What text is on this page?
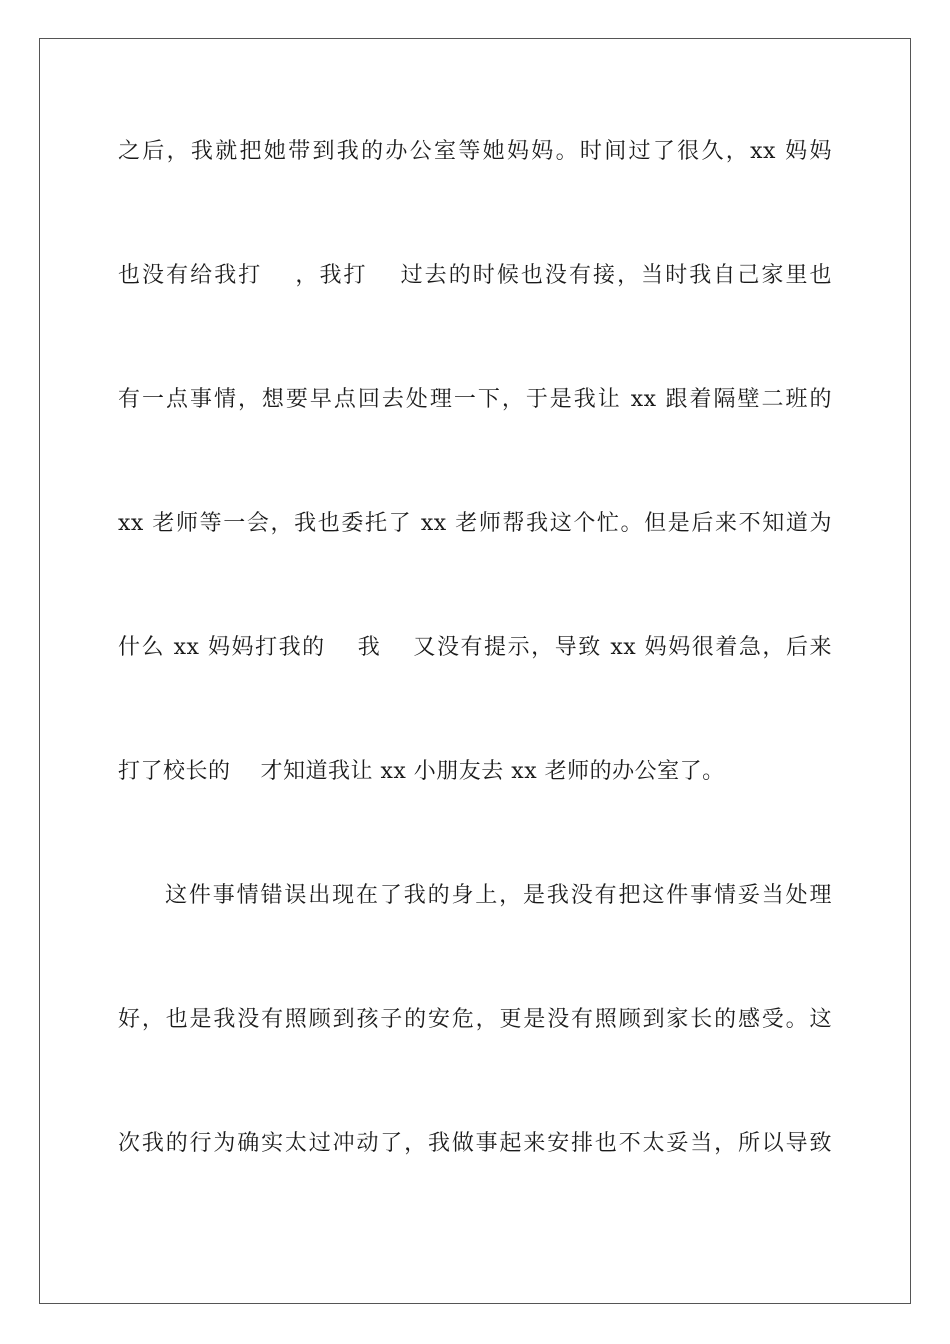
之后，我就把她带到我的办公室等她妈妈。时间过了很久，xx 妈妈
也没有给我打　 ，我打　 过去的时候也没有接，当时我自己家里也
有一点事情，想要早点回去处理一下，于是我让 xx 跟着隔壁二班的
xx 老师等一会，我也委托了 xx 老师帮我这个忙。但是后来不知道为
什么 xx 妈妈打我的　 我　 又没有提示，导致 xx 妈妈很着急，后来
打了校长的　 才知道我让 xx 小朋友去 xx 老师的办公室了。
这件事情错误出现在了我的身上，是我没有把这件事情妥当处理
好，也是我没有照顾到孩子的安危，更是没有照顾到家长的感受。这
次我的行为确实太过冲动了，我做事起来安排也不太妥当，所以导致
